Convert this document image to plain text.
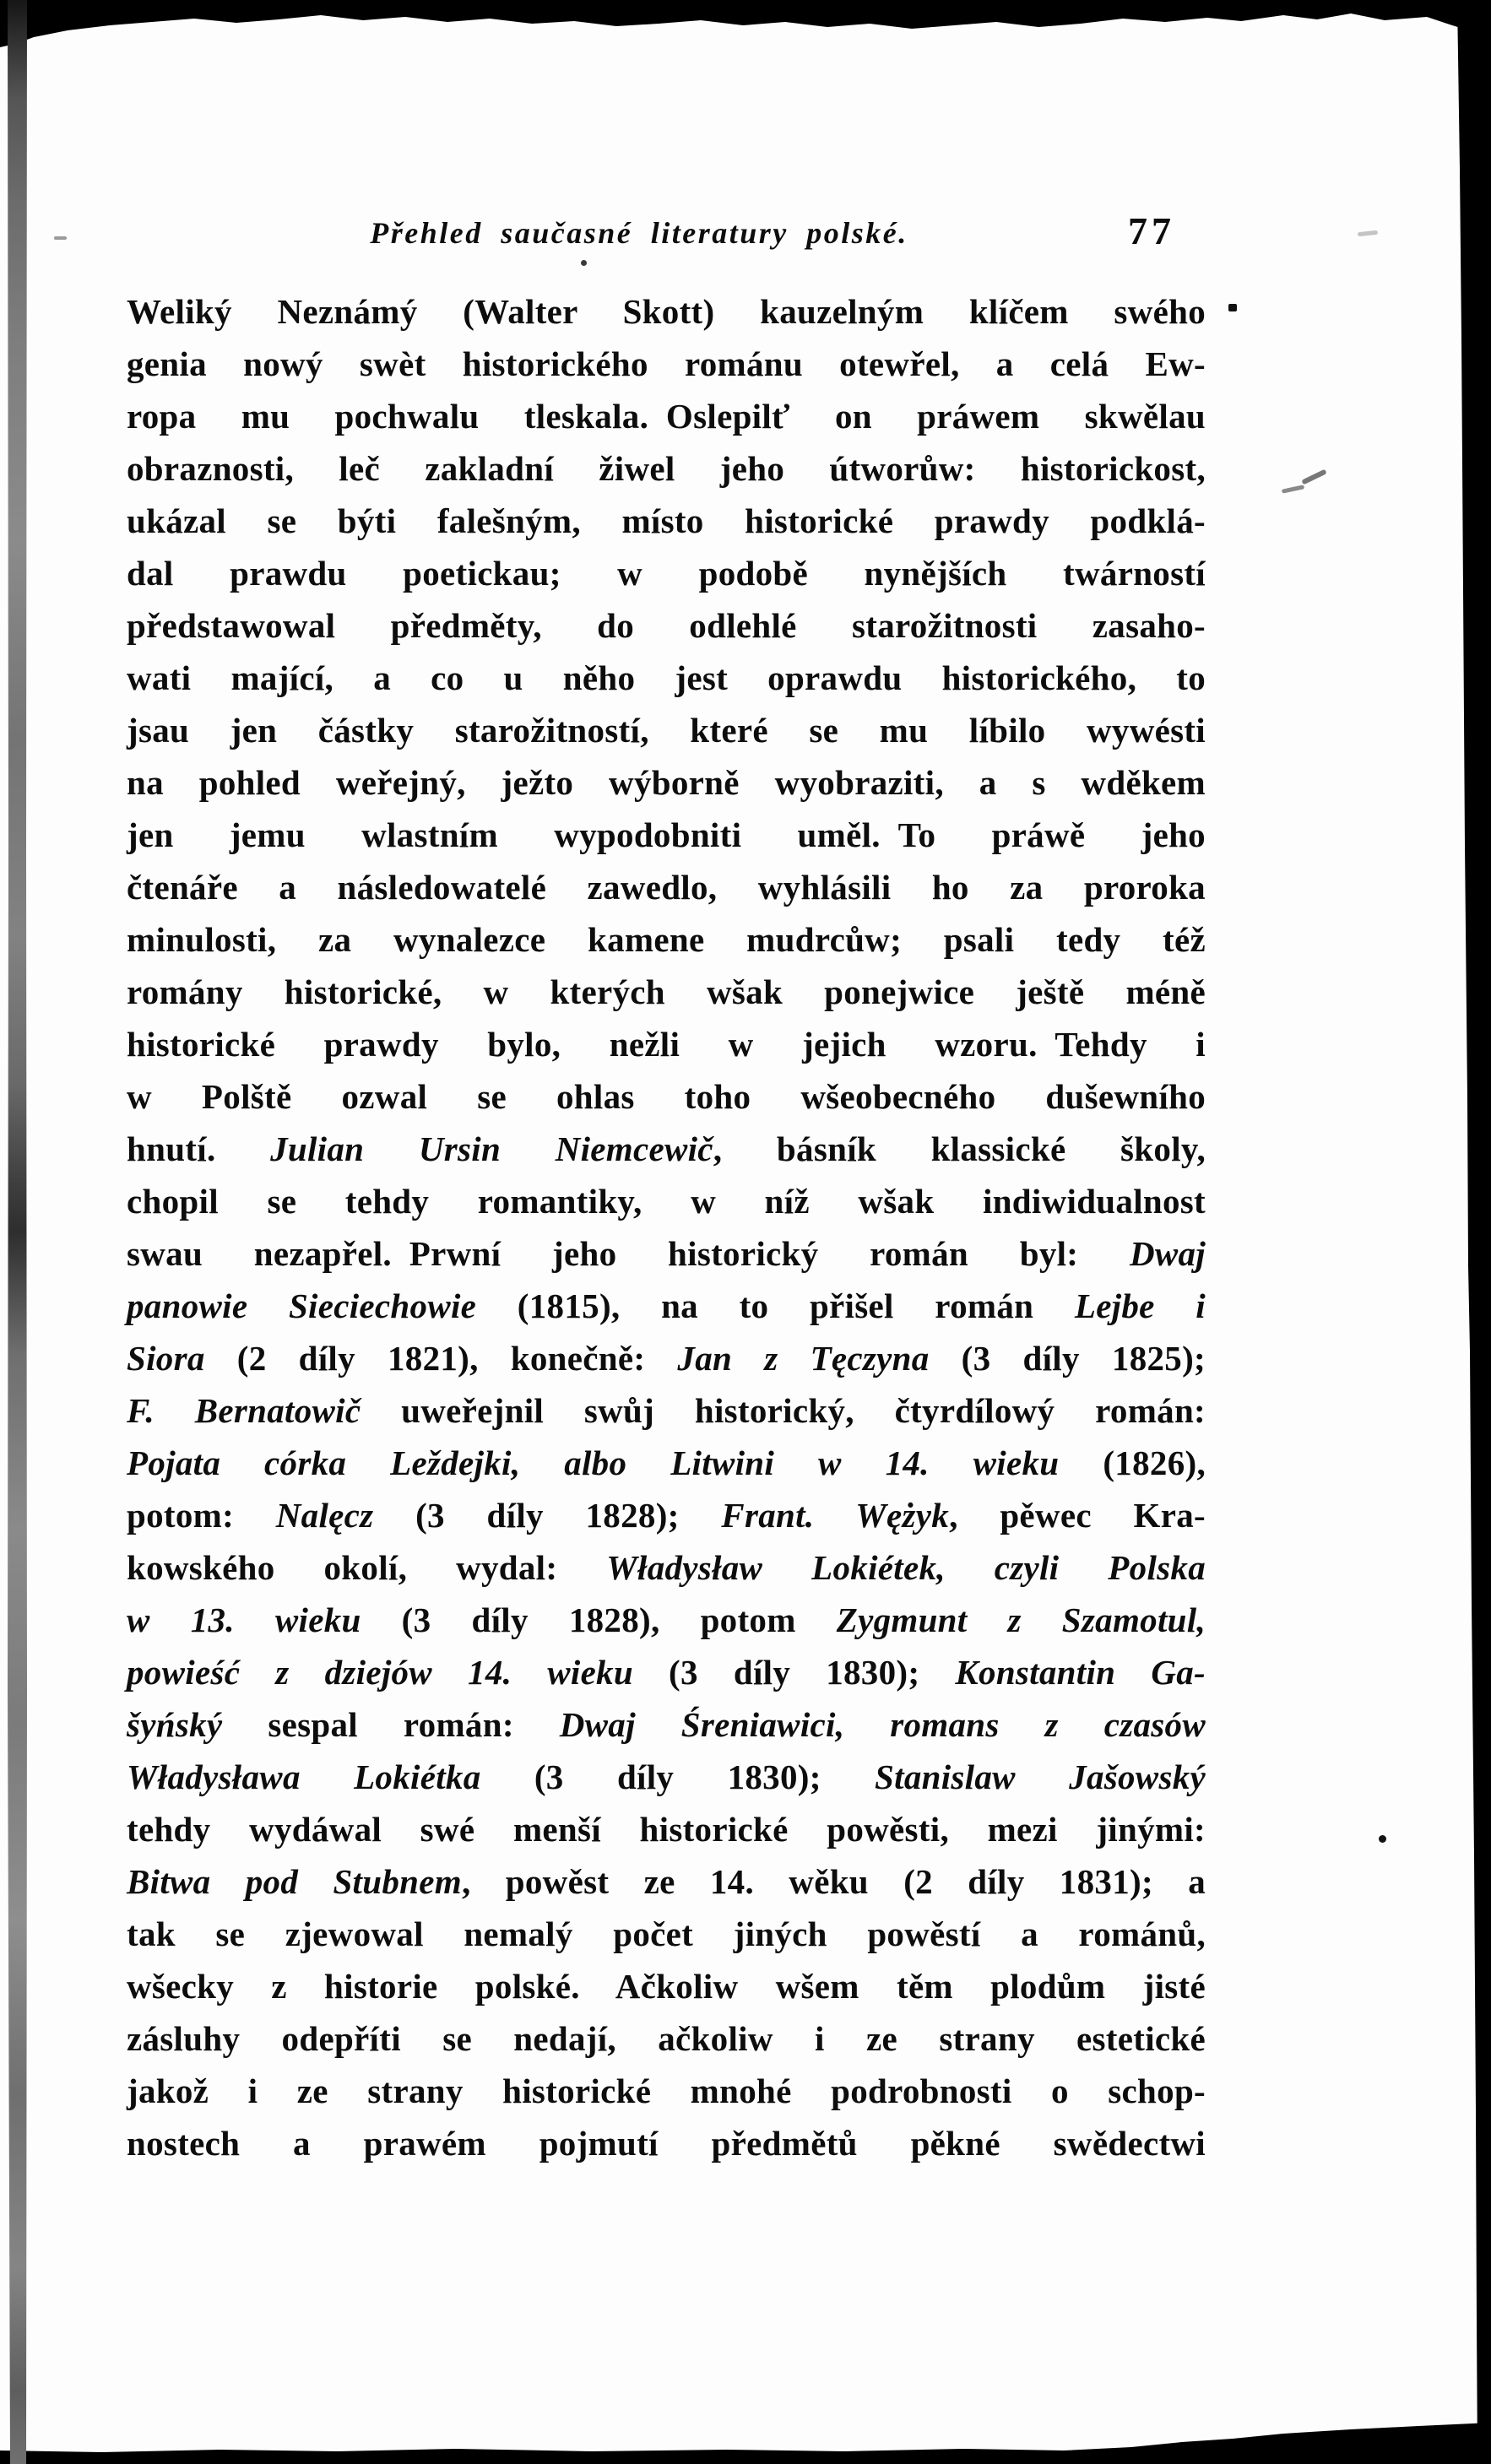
Přehled saučasné literatury polské.	77
Weliký Neznámý (Walter Skott) kauzelným klíčem swého
genia nowý swèt historického románu otewřel, a celá Ew-
ropa mu pochwalu tleskala. Oslepilť on práwem skwělau
obraznosti, leč zakladní žiwel jeho útworůw: historickost,
ukázal se býti falešným, místo historické prawdy podklá-
dal prawdu poetickau; w podobě nynějších twárností
předstawowal předměty, do odlehlé starožitnosti zasaho-
wati mající, a co u něho jest oprawdu historického, to
jsau jen částky starožitností, které se mu líbilo wywésti
na pohled weřejný, ježto wýborně wyobraziti, a s wděkem
jen jemu wlastním wypodobniti uměl. To práwě jeho
čtenáře a následowatelé zawedlo, wyhlásili ho za proroka
minulosti, za wynalezce kamene mudrcůw; psali tedy též
romány historické, w kterých wšak ponejwice ještě méně
historické prawdy bylo, nežli w jejich wzoru. Tehdy i
w Polště ozwal se ohlas toho wšeobecného dušewního
hnutí. Julian Ursin Niemcewič, básník klassické školy,
chopil se tehdy romantiky, w níž wšak indiwidualnost
swau nezapřel. Prwní jeho historický román byl: Dwaj
panowie Sieciechowie (1815), na to přišel román Lejbe i
Siora (2 díly 1821), konečně: Jan z Tęczyna (3 díly 1825);
F. Bernatowič uweřejnil swůj historický, čtyrdílowý román:
Pojata córka Leždejki, albo Litwini w 14. wieku (1826),
potom: Nalęcz (3 díly 1828); Frant. Wężyk, pěwec Kra-
kowského okolí, wydal: Władysław Lokiétek, czyli Polska
w 13. wieku (3 díly 1828), potom Zygmunt z Szamotul,
powieść z dziejów 14. wieku (3 díly 1830); Konstantin Ga-
šyńský sespal román: Dwaj Śreniawici, romans z czasów
Władysława Lokiétka (3 díly 1830); Stanislaw Jašowský
tehdy wydáwal swé menší historické powěsti, mezi jinými:
Bitwa pod Stubnem, powěst ze 14. wěku (2 díly 1831); a
tak se zjewowal nemalý počet jiných powěstí a románů,
wšecky z historie polské. Ačkoliw wšem těm plodům jisté
zásluhy odepříti se nedají, ačkoliw i ze strany estetické
jakož i ze strany historické mnohé podrobnosti o schop-
nostech a prawém pojmutí předmětů pěkné swědectwi
